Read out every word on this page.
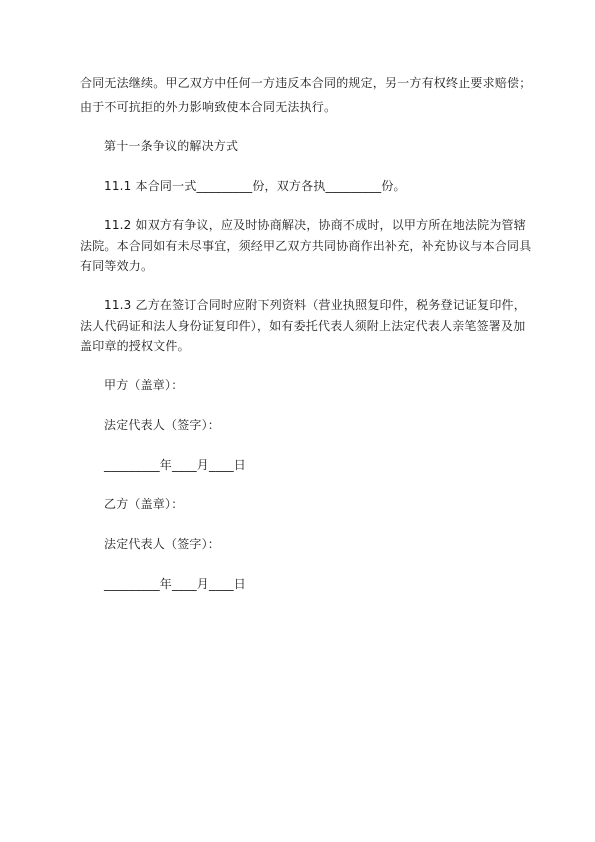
合同无法继续。甲乙双方中任何一方违反本合同的规定，另一方有权终止要求赔偿；
由于不可抗拒的外力影响致使本合同无法执行。
第十一条争议的解决方式
11.1 本合同一式_________份，双方各执_________份。
11.2 如双方有争议，应及时协商解决，协商不成时，以甲方所在地法院为管辖
法院。本合同如有未尽事宜，须经甲乙双方共同协商作出补充，补充协议与本合同具
有同等效力。
11.3 乙方在签订合同时应附下列资料（营业执照复印件，税务登记证复印件，
法人代码证和法人身份证复印件），如有委托代表人须附上法定代表人亲笔签署及加
盖印章的授权文件。
甲方（盖章）：
法定代表人（签字）：
_________年____月____日
乙方（盖章）：
法定代表人（签字）：
_________年____月____日
